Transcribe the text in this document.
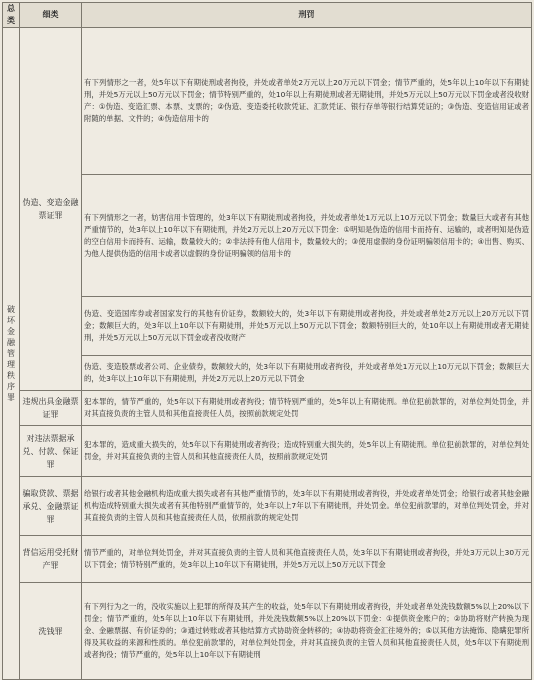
总类	细类	刑罚
破坏金融管理秩序罪	伪造、变造金融票证罪	有下列情形之一者，处5年以下有期徒刑或者拘役，并处或者单处2万元以上20万元以下罚金；情节严重的，处5年以上10年以下有期徒刑，并处5万元以上50万元以下罚金；情节特别严重的，处10年以上有期徒刑或者无期徒刑，并处5万元以上50万元以下罚金或者没收财产：①伪造、变造汇票、本票、支票的；②伪造、变造委托收款凭证、汇款凭证、银行存单等银行结算凭证的；③伪造、变造信用证或者附随的单据、文件的；④伪造信用卡的
		有下列情形之一者，妨害信用卡管理的，处3年以下有期徒刑或者拘役，并处或者单处1万元以上10万元以下罚金；数量巨大或者有其他严重情节的，处3年以上10年以下有期徒刑，并处2万元以上20万元以下罚金：①明知是伪造的信用卡而持有、运输的，或者明知是伪造的空白信用卡而持有、运输，数量较大的；②非法持有他人信用卡，数量较大的；③使用虚假的身份证明骗领信用卡的；④出售、购买、为他人提供伪造的信用卡或者以虚假的身份证明骗领的信用卡的
		伪造、变造国库券或者国家发行的其他有价证券，数额较大的，处3年以下有期徒刑或者拘役，并处或者单处2万元以上20万元以下罚金；数额巨大的，处3年以上10年以下有期徒刑，并处5万元以上50万元以下罚金；数额特别巨大的，处10年以上有期徒刑或者无期徒刑，并处5万元以上50万元以下罚金或者没收财产
		伪造、变造股票或者公司、企业债券，数额较大的，处3年以下有期徒刑或者拘役，并处或者单处1万元以上10万元以下罚金；数额巨大的，处3年以上10年以下有期徒刑，并处2万元以上20万元以下罚金
	违规出具金融票证罪	犯本罪的，情节严重的，处5年以下有期徒刑或者拘役；情节特别严重的，处5年以上有期徒刑。单位犯前款罪的，对单位判处罚金，并对其直接负责的主管人员和其他直接责任人员，按照前款规定处罚
	对违法票据承兑、付款、保证罪	犯本罪的，造成重大损失的，处5年以下有期徒刑或者拘役；造成特别重大损失的，处5年以上有期徒刑。单位犯前款罪的，对单位判处罚金，并对其直接负责的主管人员和其他直接责任人员，按照前款规定处罚
	骗取贷款、票据承兑、金融票证罪	给银行或者其他金融机构造成重大损失或者有其他严重情节的，处3年以下有期徒刑或者拘役，并处或者单处罚金；给银行或者其他金融机构造成特别重大损失或者有其他特别严重情节的，处3年以上7年以下有期徒刑，并处罚金。单位犯前款罪的，对单位判处罚金，并对其直接负责的主管人员和其他直接责任人员，依照前款的规定处罚
	背信运用受托财产罪	情节严重的，对单位判处罚金，并对其直接负责的主管人员和其他直接责任人员，处3年以下有期徒刑或者拘役，并处3万元以上30万元以下罚金；情节特别严重的，处3年以上10年以下有期徒刑，并处5万元以上50万元以下罚金
	洗钱罪	有下列行为之一的，没收实施以上犯罪的所得及其产生的收益，处5年以下有期徒刑或者拘役，并处或者单处洗钱数额5%以上20%以下罚金；情节严重的，处5年以上10年以下有期徒刑，并处洗钱数额5%以上20%以下罚金：①提供资金账户的；②协助将财产转换为现金、金融票据、有价证券的；③通过转账或者其他结算方式协助资金转移的；④协助将资金汇往境外的；⑤以其他方法掩饰、隐瞒犯罪所得及其收益的来源和性质的。单位犯前款罪的，对单位判处罚金，并对其直接负责的主管人员和其他直接责任人员，处5年以下有期徒刑或者拘役；情节严重的，处5年以上10年以下有期徒刑
